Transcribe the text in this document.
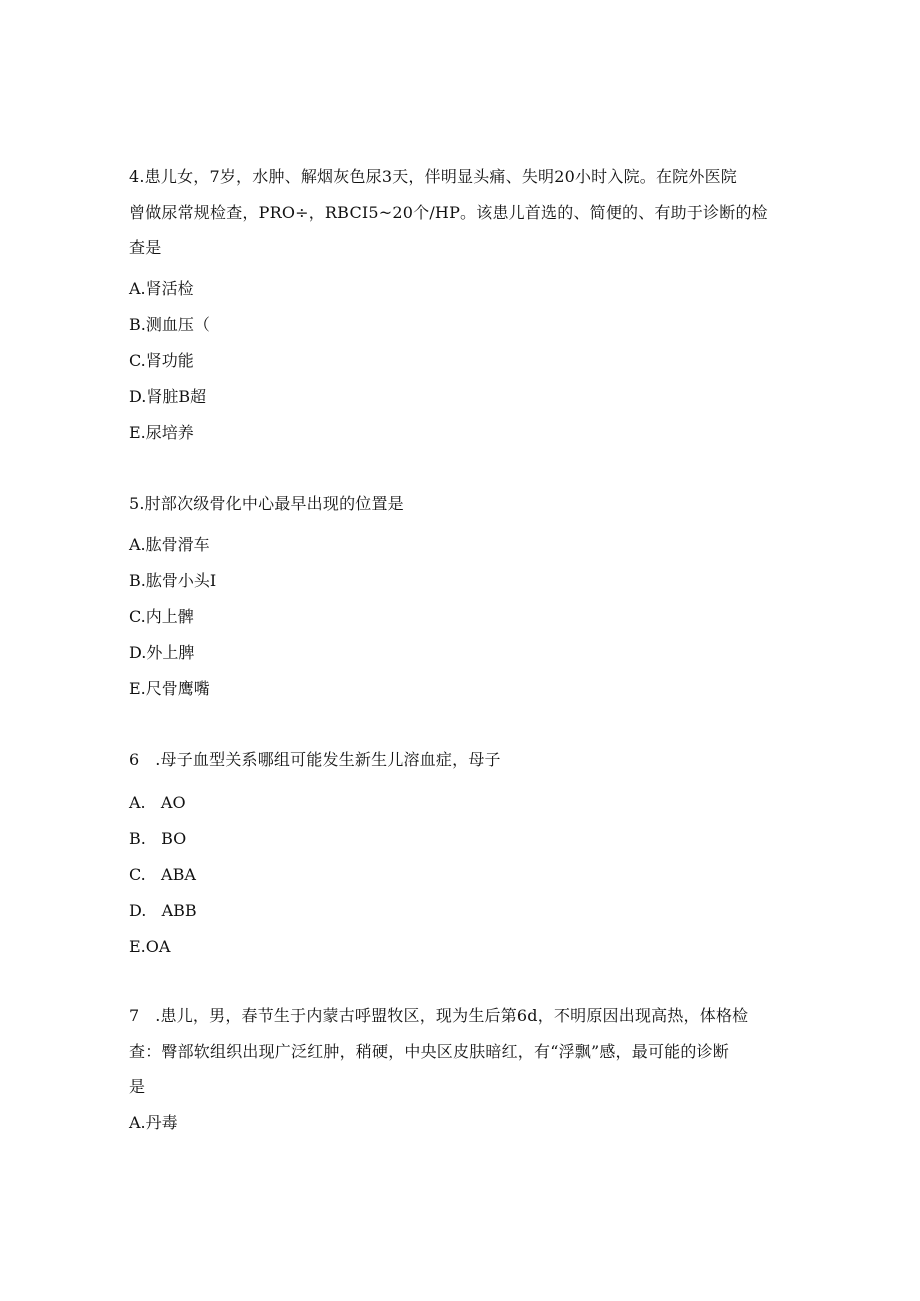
4.患儿女，7岁，水肿、解烟灰色尿3天，伴明显头痛、失明20小时入院。在院外医院
曾做尿常规检查，PRO÷，RBCI5~20个/HP。该患儿首选的、简便的、有助于诊断的检
查是
A.肾活检
B.测血压（
C.肾功能
D.肾脏B超
E.尿培养
5.肘部次级骨化中心最早出现的位置是
A.肱骨滑车
B.肱骨小头I
C.内上髀
D.外上脾
E.尺骨鹰嘴
6   .母子血型关系哪组可能发生新生儿溶血症，母子
A.   AO
B.   BO
C.   ABA
D.   ABB
E.OA
7   .患儿，男，春节生于内蒙古呼盟牧区，现为生后第6d，不明原因出现高热，体格检
查：臀部软组织出现广泛红肿，稍硬，中央区皮肤暗红，有“浮飘”感，最可能的诊断
是
A.丹毒
